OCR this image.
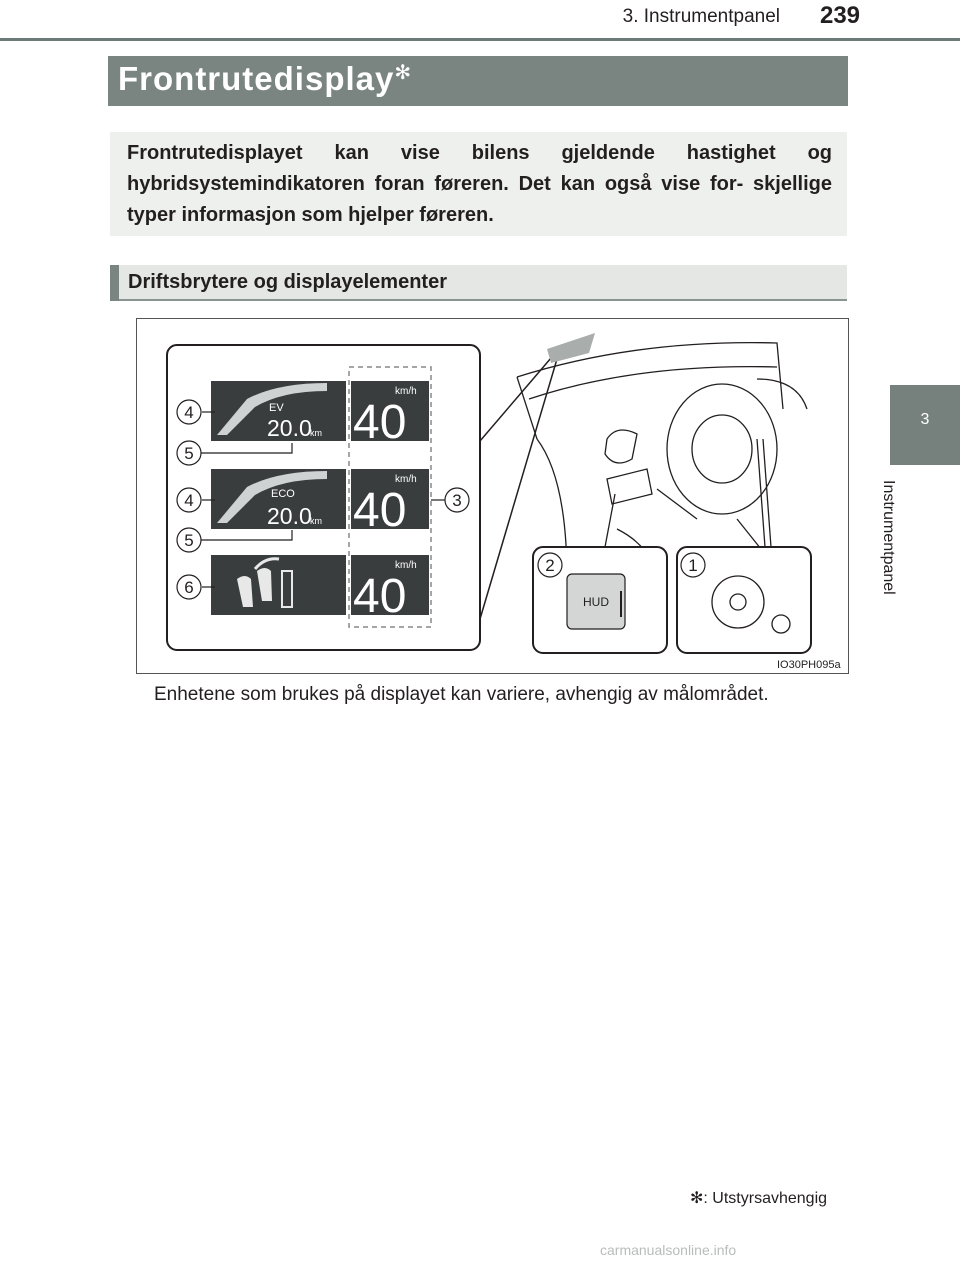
3. Instrumentpanel	239
3
Instrumentpanel
Frontrutedisplay✻
Frontrutedisplayet kan vise bilens gjeldende hastighet og hybridsystemindikatoren foran føreren. Det kan også vise for- skjellige typer informasjon som hjelper føreren.
Driftsbrytere og displayelementer
EV
20.0
km
km/h
40
ECO
20.0
km
km/h
40
km/h
40
4
5
4
5
6
3
HUD
2	1
IO30PH095a
Enhetene som brukes på displayet kan variere, avhengig av målområdet.
✻: Utstyrsavhengig
carmanualsonline.info
